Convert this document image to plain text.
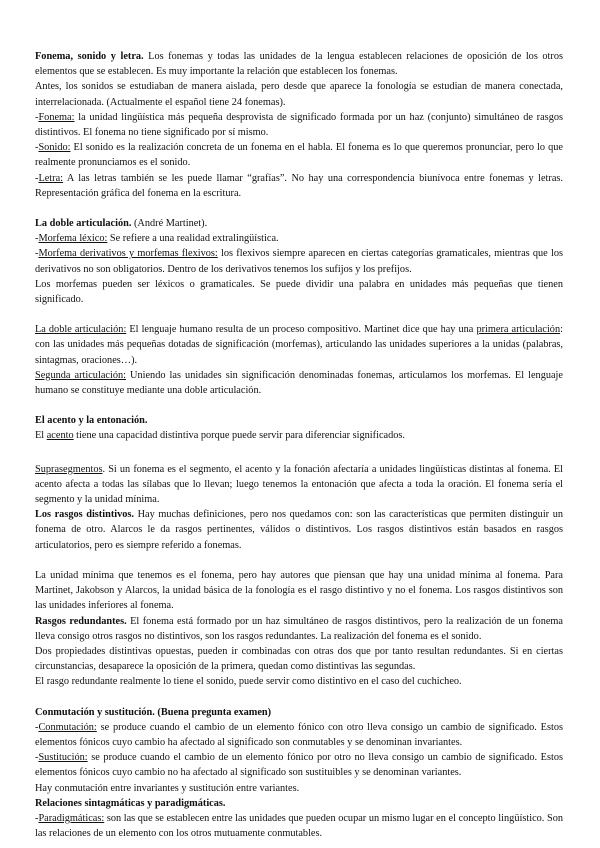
Fonema, sonido y letra. Los fonemas y todas las unidades de la lengua establecen relaciones de oposición de los otros elementos que se establecen. Es muy importante la relación que establecen los fonemas.

Antes, los sonidos se estudiaban de manera aislada, pero desde que aparece la fonología se estudian de manera conectada, interrelacionada. (Actualmente el español tiene 24 fonemas).

-Fonema: la unidad lingüística más pequeña desprovista de significado formada por un haz (conjunto) simultáneo de rasgos distintivos. El fonema no tiene significado por sí mismo.

-Sonido: El sonido es la realización concreta de un fonema en el habla. El fonema es lo que queremos pronunciar, pero lo que realmente pronunciamos es el sonido.

-Letra: A las letras también se les puede llamar “grafías”. No hay una correspondencia biunívoca entre fonemas y letras. Representación gráfica del fonema en la escritura.

La doble articulación. (André Martinet).

-Morfema léxico: Se refiere a una realidad extralingüística.

-Morfema derivativos y morfemas flexivos: los flexivos siempre aparecen en ciertas categorías gramaticales, mientras que los derivativos no son obligatorios. Dentro de los derivativos tenemos los sufijos y los prefijos.

Los morfemas pueden ser léxicos o gramaticales. Se puede dividir una palabra en unidades más pequeñas que tienen significado.

La doble articulación: El lenguaje humano resulta de un proceso compositivo. Martinet dice que hay una primera articulación: con las unidades más pequeñas dotadas de significación (morfemas), articulando las unidades superiores a la unidas (palabras, sintagmas, oraciones…).

Segunda articulación: Uniendo las unidades sin significación denominadas fonemas, articulamos los morfemas. El lenguaje humano se constituye mediante una doble articulación.

El acento y la entonación.

El acento tiene una capacidad distintiva porque puede servir para diferenciar significados.

Suprasegmentos. Si un fonema es el segmento, el acento y la fonación afectaría a unidades lingüísticas distintas al fonema. El acento afecta a todas las sílabas que lo llevan; luego tenemos la entonación que afecta a toda la oración. El fonema sería el segmento y la unidad mínima.

Los rasgos distintivos. Hay muchas definiciones, pero nos quedamos con: son las características que permiten distinguir un fonema de otro. Alarcos le da rasgos pertinentes, válidos o distintivos. Los rasgos distintivos están basados en rasgos articulatorios, pero es siempre referido a fonemas.

La unidad mínima que tenemos es el fonema, pero hay autores que piensan que hay una unidad mínima al fonema. Para Martinet, Jakobson y Alarcos, la unidad básica de la fonología es el rasgo distintivo y no el fonema. Los rasgos distintivos son las unidades inferiores al fonema.

Rasgos redundantes. El fonema está formado por un haz simultáneo de rasgos distintivos, pero la realización de un fonema lleva consigo otros rasgos no distintivos, son los rasgos redundantes. La realización del fonema es el sonido.

Dos propiedades distintivas opuestas, pueden ir combinadas con otras dos que por tanto resultan redundantes. Si en ciertas circunstancias, desaparece la oposición de la primera, quedan como distintivas las segundas.

El rasgo redundante realmente lo tiene el sonido, puede servir como distintivo en el caso del cuchicheo.

Conmutación y sustitución. (Buena pregunta examen)

-Conmutación: se produce cuando el cambio de un elemento fónico con otro lleva consigo un cambio de significado. Estos elementos fónicos cuyo cambio ha afectado al significado son conmutables y se denominan invariantes.

-Sustitución: se produce cuando el cambio de un elemento fónico por otro no lleva consigo un cambio de significado. Estos elementos fónicos cuyo cambio no ha afectado al significado son sustituibles y se denominan variantes.

Hay conmutación entre invariantes y sustitución entre variantes.

Relaciones sintagmáticas y paradigmáticas.

-Paradigmáticas: son las que se establecen entre las unidades que pueden ocupar un mismo lugar en el concepto lingüístico. Son las relaciones de un elemento con los otros mutuamente conmutables.
